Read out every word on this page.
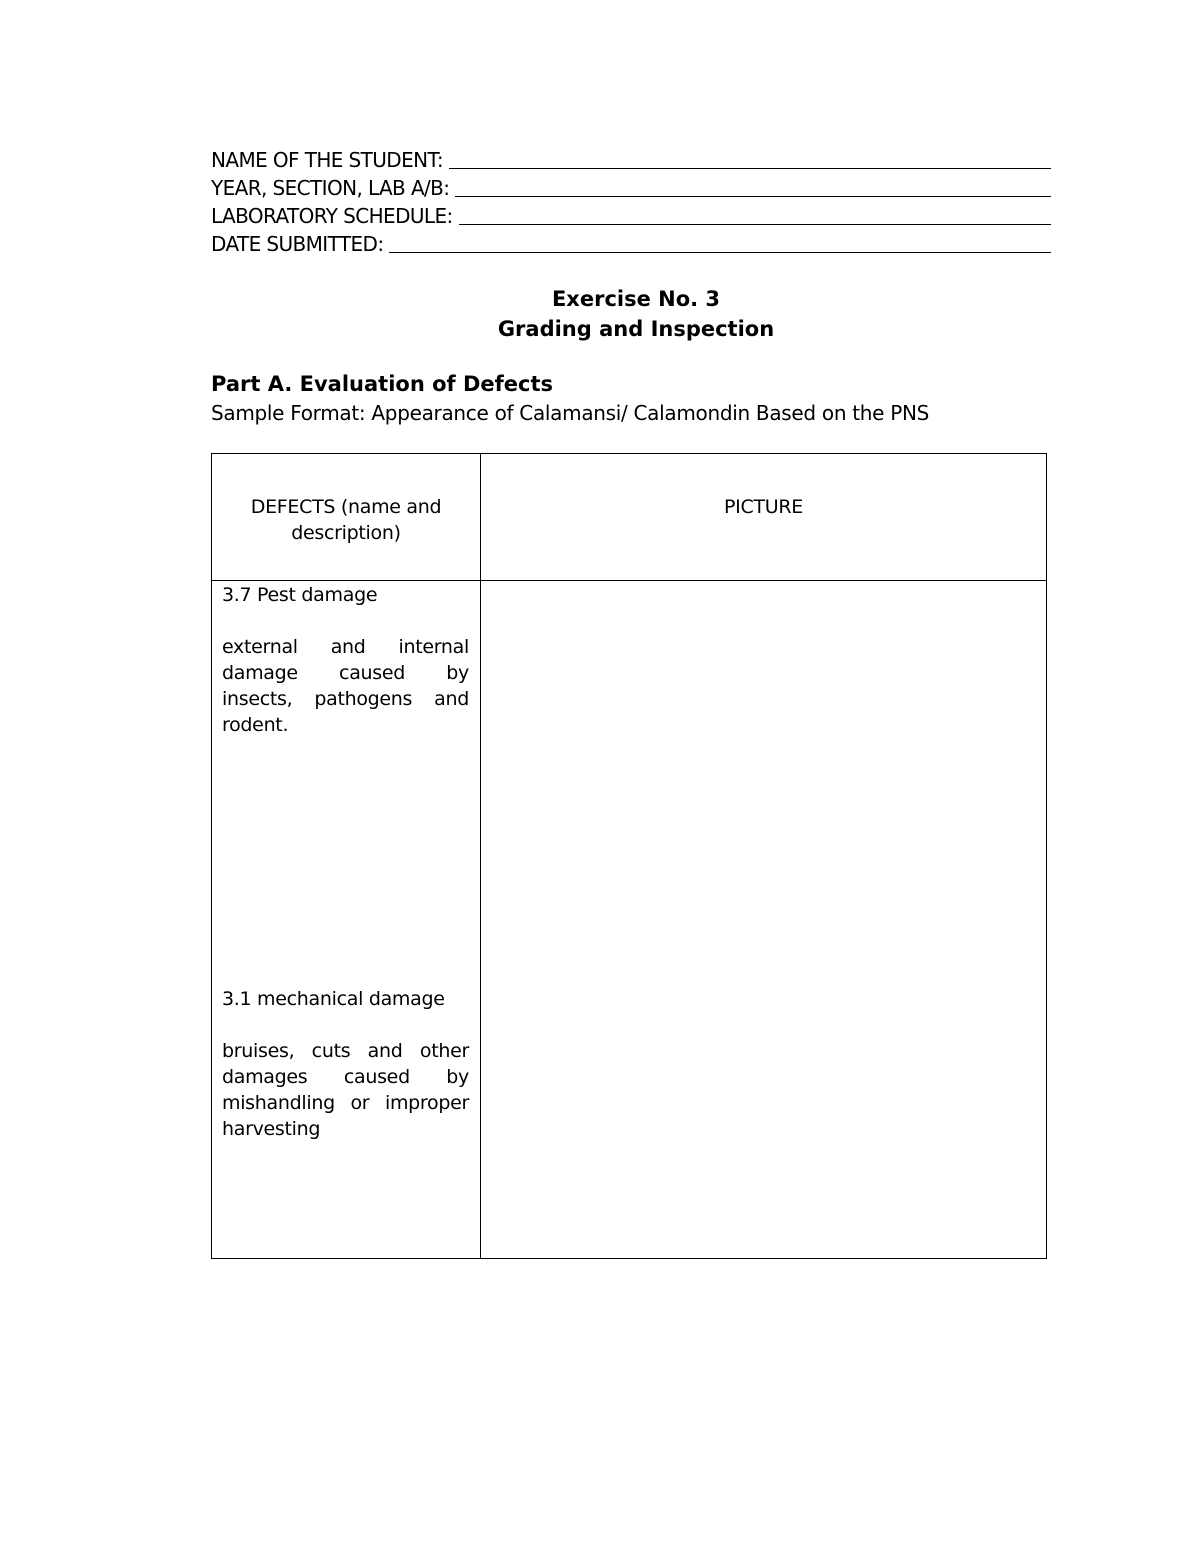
NAME OF THE STUDENT:
YEAR, SECTION, LAB A/B:
LABORATORY SCHEDULE:
DATE SUBMITTED:
Exercise No. 3
Grading and Inspection
Part A. Evaluation of Defects
Sample Format: Appearance of Calamansi/ Calamondin Based on the PNS
DEFECTS (name and description)	PICTURE

3.7 Pest damage

external and internal damage caused by insects, pathogens and rodent.

3.1 mechanical damage

bruises, cuts and other damages caused by mishandling or improper harvesting	
